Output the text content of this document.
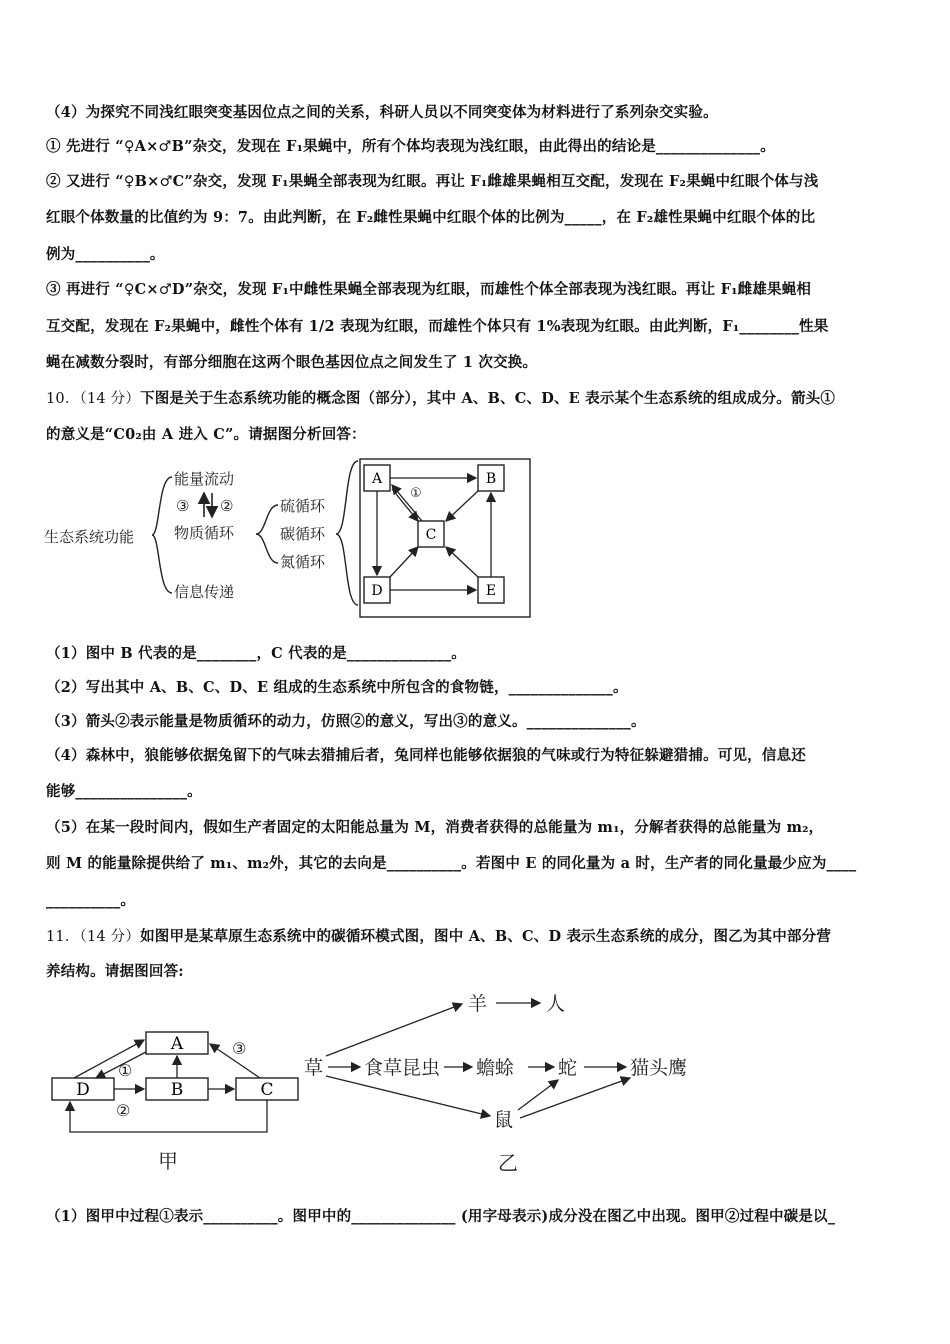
（4）为探究不同浅红眼突变基因位点之间的关系，科研人员以不同突变体为材料进行了系列杂交实验。
① 先进行 “♀A×♂B”杂交，发现在 F₁果蝇中，所有个体均表现为浅红眼，由此得出的结论是______________。
② 又进行 “♀B×♂C”杂交，发现 F₁果蝇全部表现为红眼。再让 F₁雌雄果蝇相互交配，发现在 F₂果蝇中红眼个体与浅
红眼个体数量的比值约为 9：7。由此判断，在 F₂雌性果蝇中红眼个体的比例为_____，在 F₂雄性果蝇中红眼个体的比
例为__________。
③ 再进行 “♀C×♂D”杂交，发现 F₁中雌性果蝇全部表现为红眼，而雄性个体全部表现为浅红眼。再让 F₁雌雄果蝇相
互交配，发现在 F₂果蝇中，雌性个体有 1/2 表现为红眼，而雄性个体只有 1%表现为红眼。由此判断，F₁________性果
蝇在减数分裂时，有部分细胞在这两个眼色基因位点之间发生了 1 次交换。
10．（14 分）下图是关于生态系统功能的概念图（部分），其中 A、B、C、D、E 表示某个生态系统的组成成分。箭头①
的意义是“C0₂由 A 进入 C”。请据图分析回答：
生态系统功能
能量流动
物质循环
信息传递
③ ②	硫循环
碳循环
氮循环
A	B
C
D	E
①
（1）图中 B 代表的是________，C 代表的是______________。
（2）写出其中 A、B、C、D、E 组成的生态系统中所包含的食物链，______________。
（3）箭头②表示能量是物质循环的动力，仿照②的意义，写出③的意义。______________。
（4）森林中，狼能够依据兔留下的气味去猎捕后者，兔同样也能够依据狼的气味或行为特征躲避猎捕。可见，信息还
能够_______________。
（5）在某一段时间内，假如生产者固定的太阳能总量为 M，消费者获得的总能量为 m₁，分解者获得的总能量为 m₂，
则 M 的能量除提供给了 m₁、m₂外，其它的去向是__________。若图中 E 的同化量为 a 时，生产者的同化量最少应为____
__________。
11．（14 分）如图甲是某草原生态系统中的碳循环模式图，图中 A、B、C、D 表示生态系统的成分，图乙为其中部分营
养结构。请据图回答:
A
D	B	C
①
②
③
甲
草
羊	人
食草昆虫 蟾蜍 蛇	猫头鹰
鼠
乙
（1）图甲中过程①表示__________。图甲中的______________ (用字母表示)成分没在图乙中出现。图甲②过程中碳是以_
